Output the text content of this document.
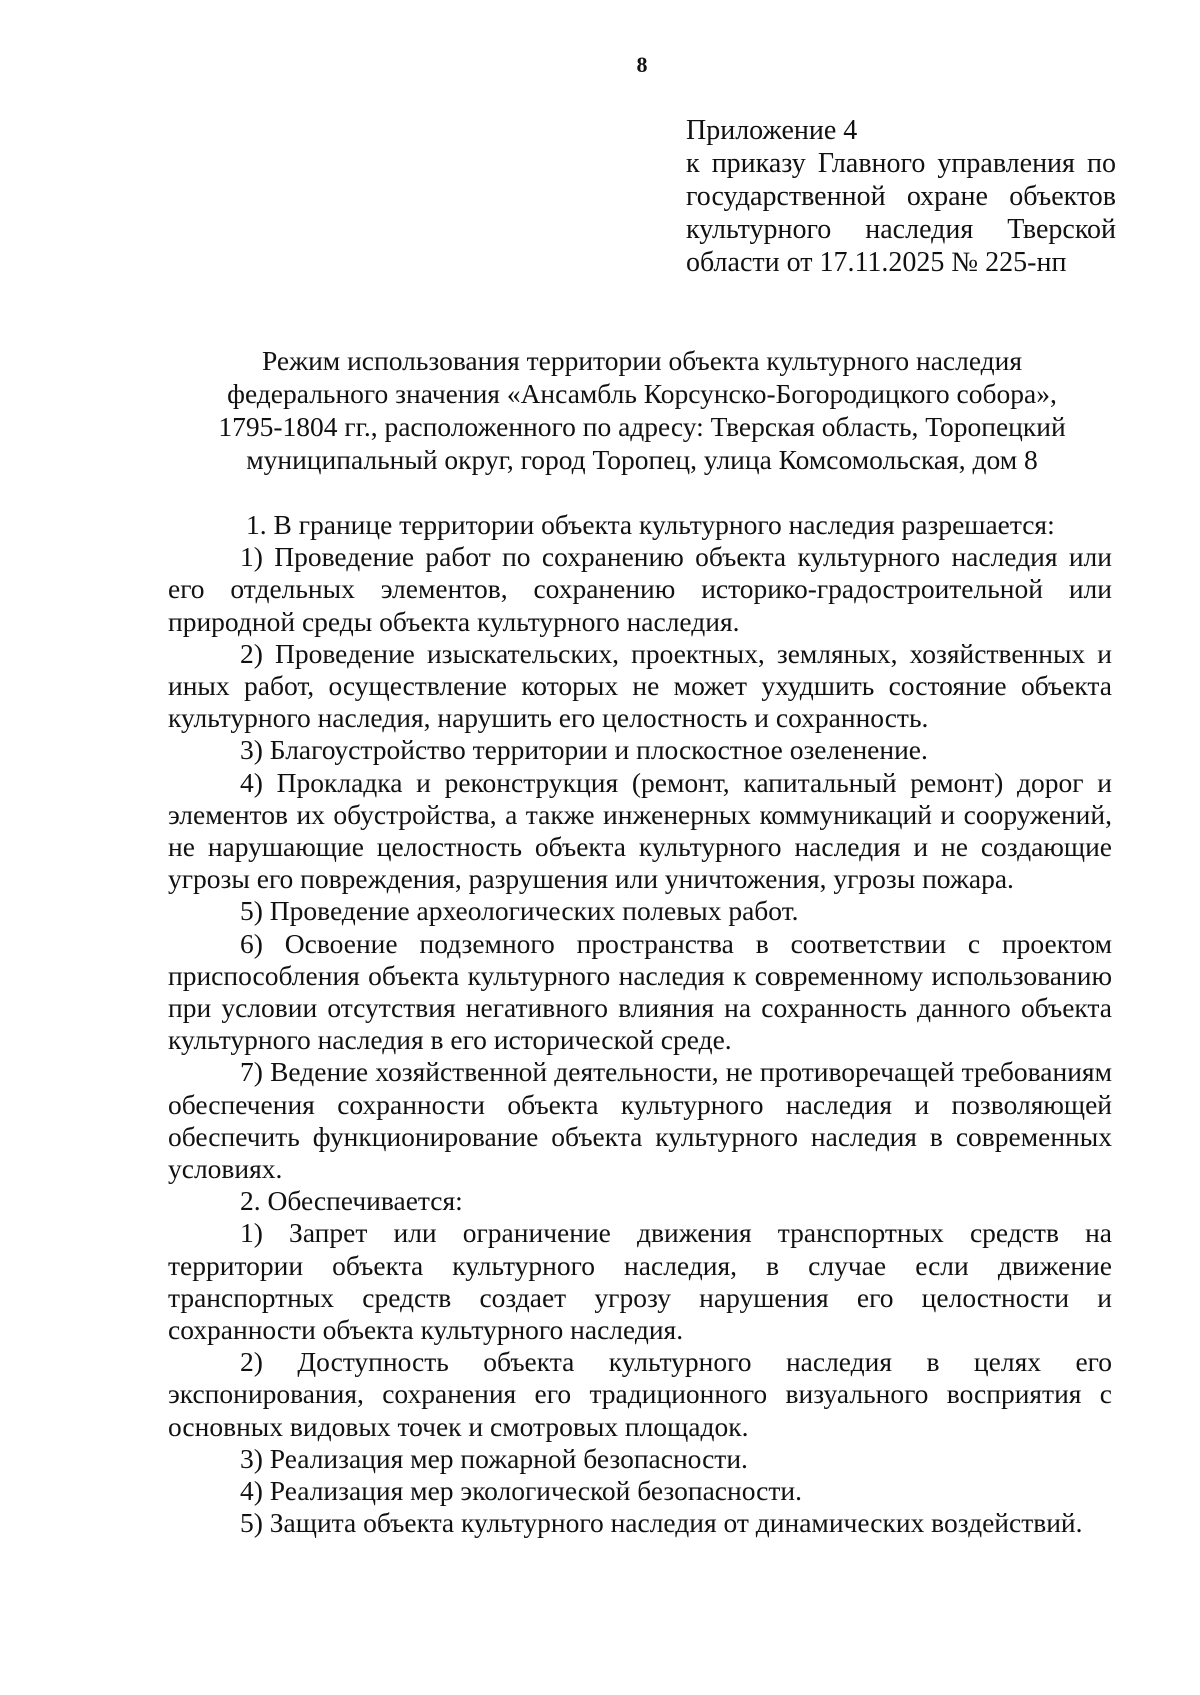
8

Приложение 4

к приказу Главного управления по государственной охране объектов культурного наследия Тверской области от 17.11.2025 № 225-нп

Режим использования территории объекта культурного наследия
федерального значения «Ансамбль Корсунско-Богородицкого собора»,
1795-1804 гг., расположенного по адресу: Тверская область, Торопецкий
муниципальный округ, город Торопец, улица Комсомольская, дом 8

1. В границе территории объекта культурного наследия разрешается:

1) Проведение работ по сохранению объекта культурного наследия или его отдельных элементов, сохранению историко-градостроительной или природной среды объекта культурного наследия.

2) Проведение изыскательских, проектных, земляных, хозяйственных и иных работ, осуществление которых не может ухудшить состояние объекта культурного наследия, нарушить его целостность и сохранность.

3) Благоустройство территории и плоскостное озеленение.

4) Прокладка и реконструкция (ремонт, капитальный ремонт) дорог и элементов их обустройства, а также инженерных коммуникаций и сооружений, не нарушающие целостность объекта культурного наследия и не создающие угрозы его повреждения, разрушения или уничтожения, угрозы пожара.

5) Проведение археологических полевых работ.

6) Освоение подземного пространства в соответствии с проектом приспособления объекта культурного наследия к современному использованию при условии отсутствия негативного влияния на сохранность данного объекта культурного наследия в его исторической среде.

7) Ведение хозяйственной деятельности, не противоречащей требованиям обеспечения сохранности объекта культурного наследия и позволяющей обеспечить функционирование объекта культурного наследия в современных условиях.

2. Обеспечивается:

1) Запрет или ограничение движения транспортных средств на территории объекта культурного наследия, в случае если движение транспортных средств создает угрозу нарушения его целостности и сохранности объекта культурного наследия.

2) Доступность объекта культурного наследия в целях его экспонирования, сохранения его традиционного визуального восприятия с основных видовых точек и смотровых площадок.

3) Реализация мер пожарной безопасности.

4) Реализация мер экологической безопасности.

5) Защита объекта культурного наследия от динамических воздействий.
